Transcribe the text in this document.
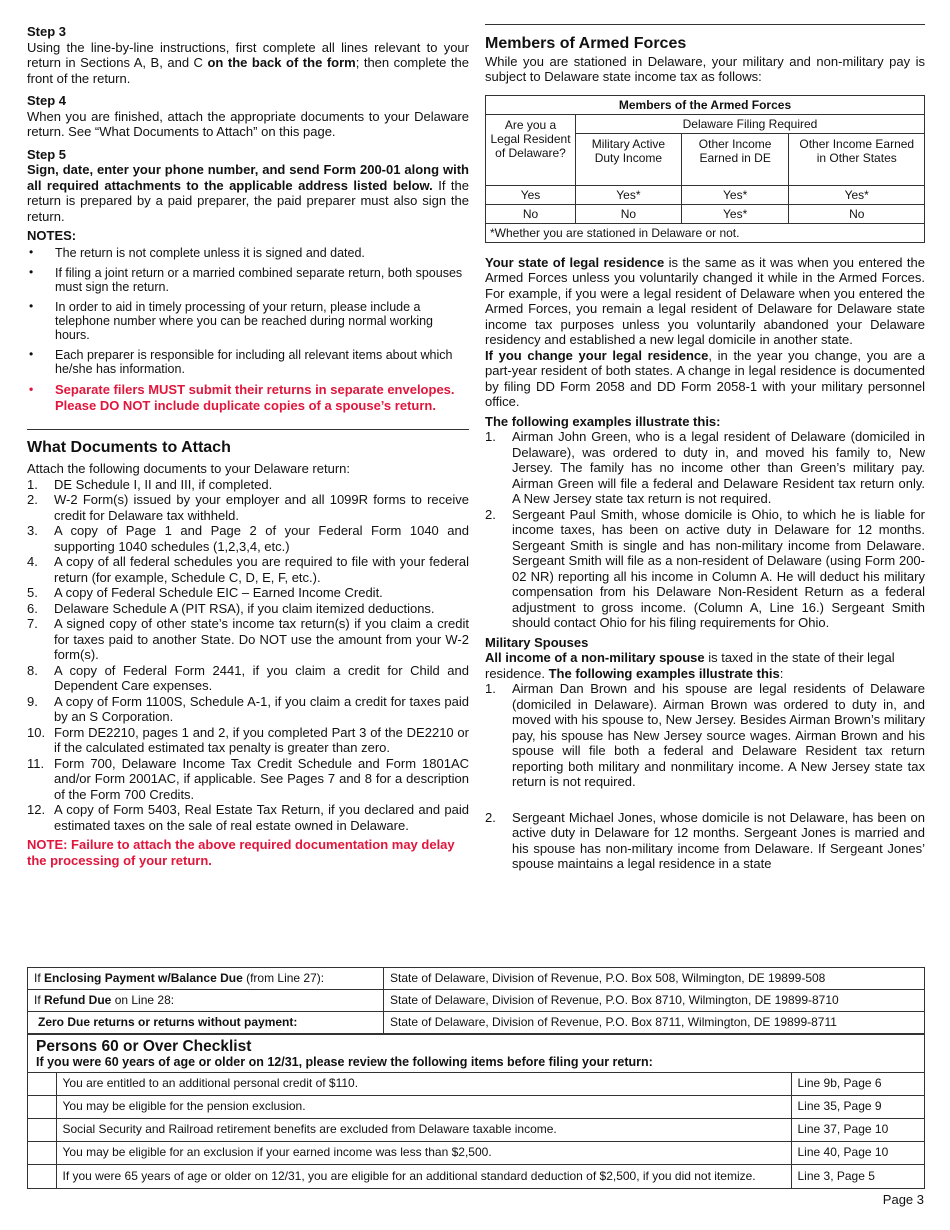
Step 3

Using the line-by-line instructions, first complete all lines relevant to your return in Sections A, B, and C on the back of the form; then complete the front of the return.

Step 4

When you are finished, attach the appropriate documents to your Delaware return. See “What Documents to Attach” on this page.

Step 5

Sign, date, enter your phone number, and send Form 200-01 along with all required attachments to the applicable address listed below. If the return is prepared by a paid preparer, the paid preparer must also sign the return.

NOTES:
• The return is not complete unless it is signed and dated.
• If filing a joint return or a married combined separate return, both spouses must sign the return.
• In order to aid in timely processing of your return, please include a telephone number where you can be reached during normal working hours.
• Each preparer is responsible for including all relevant items about which he/she has information.
• Separate filers MUST submit their returns in separate envelopes. Please DO NOT include duplicate copies of a spouse’s return.
What Documents to Attach

Attach the following documents to your Delaware return:

1. DE Schedule I, II and III, if completed.
2. W-2 Form(s) issued by your employer and all 1099R forms to receive credit for Delaware tax withheld.
3. A copy of Page 1 and Page 2 of your Federal Form 1040 and supporting 1040 schedules (1,2,3,4, etc.)
4. A copy of all federal schedules you are required to file with your federal return (for example, Schedule C, D, E, F, etc.).
5. A copy of Federal Schedule EIC – Earned Income Credit.
6. Delaware Schedule A (PIT RSA), if you claim itemized deductions.
7. A signed copy of other state’s income tax return(s) if you claim a credit for taxes paid to another State. Do NOT use the amount from your W-2 form(s).
8. A copy of Federal Form 2441, if you claim a credit for Child and Dependent Care expenses.
9. A copy of Form 1100S, Schedule A-1, if you claim a credit for taxes paid by an S Corporation.
10. Form DE2210, pages 1 and 2, if you completed Part 3 of the DE2210 or if the calculated estimated tax penalty is greater than zero.
11. Form 700, Delaware Income Tax Credit Schedule and Form 1801AC and/or Form 2001AC, if applicable. See Pages 7 and 8 for a description of the Form 700 Credits.
12. A copy of Form 5403, Real Estate Tax Return, if you declared and paid estimated taxes on the sale of real estate owned in Delaware.

NOTE: Failure to attach the above required documentation may delay the processing of your return.

Members of Armed Forces

While you are stationed in Delaware, your military and non-military pay is subject to Delaware state income tax as follows:

Members of the Armed Forces			
Are you a Legal Resident of Delaware?	Delaware Filing Required		
	Military Active Duty Income	Other Income Earned in DE	Other Income Earned in Other States
Yes	Yes*	Yes*	Yes*
No	No	Yes*	No
*Whether you are stationed in Delaware or not.			

Your state of legal residence is the same as it was when you entered the Armed Forces unless you voluntarily changed it while in the Armed Forces. For example, if you were a legal resident of Delaware when you entered the Armed Forces, you remain a legal resident of Delaware for Delaware state income tax purposes unless you voluntarily abandoned your Delaware residency and established a new legal domicile in another state.

If you change your legal residence, in the year you change, you are a part-year resident of both states. A change in legal residence is documented by filing DD Form 2058 and DD Form 2058-1 with your military personnel office.

The following examples illustrate this:
1. Airman John Green, who is a legal resident of Delaware (domiciled in Delaware), was ordered to duty in, and moved his family to, New Jersey. The family has no income other than Green’s military pay. Airman Green will file a federal and Delaware Resident tax return only. A New Jersey state tax return is not required.
2. Sergeant Paul Smith, whose domicile is Ohio, to which he is liable for income taxes, has been on active duty in Delaware for 12 months. Sergeant Smith is single and has non-military income from Delaware. Sergeant Smith will file as a non-resident of Delaware (using Form 200-02 NR) reporting all his income in Column A. He will deduct his military compensation from his Delaware Non-Resident Return as a federal adjustment to gross income. (Column A, Line 16.) Sergeant Smith should contact Ohio for his filing requirements for Ohio.
Military Spouses

All income of a non-military spouse is taxed in the state of their legal residence. The following examples illustrate this:

1. Airman Dan Brown and his spouse are legal residents of Delaware (domiciled in Delaware). Airman Brown was ordered to duty in, and moved with his spouse to, New Jersey. Besides Airman Brown’s military pay, his spouse has New Jersey source wages. Airman Brown and his spouse will file both a federal and Delaware Resident tax return reporting both military and nonmilitary income. A New Jersey state tax return is not required.
2. Sergeant Michael Jones, whose domicile is not Delaware, has been on active duty in Delaware for 12 months. Sergeant Jones is married and his spouse has non-military income from Delaware. If Sergeant Jones’ spouse maintains a legal residence in a state
If Enclosing Payment w/Balance Due (from Line 27):	State of Delaware, Division of Revenue, P.O. Box 508, Wilmington, DE 19899-508
If Refund Due on Line 28:	State of Delaware, Division of Revenue, P.O. Box 8710, Wilmington, DE 19899-8710
Zero Due returns or returns without payment:	State of Delaware, Division of Revenue, P.O. Box 8711, Wilmington, DE 19899-8711
Persons 60 or Over Checklist
If you were 60 years of age or older on 12/31, please review the following items before filing your return:
	You are entitled to an additional personal credit of $110.	Line 9b, Page 6
	You may be eligible for the pension exclusion.	Line 35, Page 9
	Social Security and Railroad retirement benefits are excluded from Delaware taxable income.	Line 37, Page 10
	You may be eligible for an exclusion if your earned income was less than $2,500.	Line 40, Page 10
	If you were 65 years of age or older on 12/31, you are eligible for an additional standard deduction of $2,500, if you did not itemize.	Line 3, Page 5
Page 3
